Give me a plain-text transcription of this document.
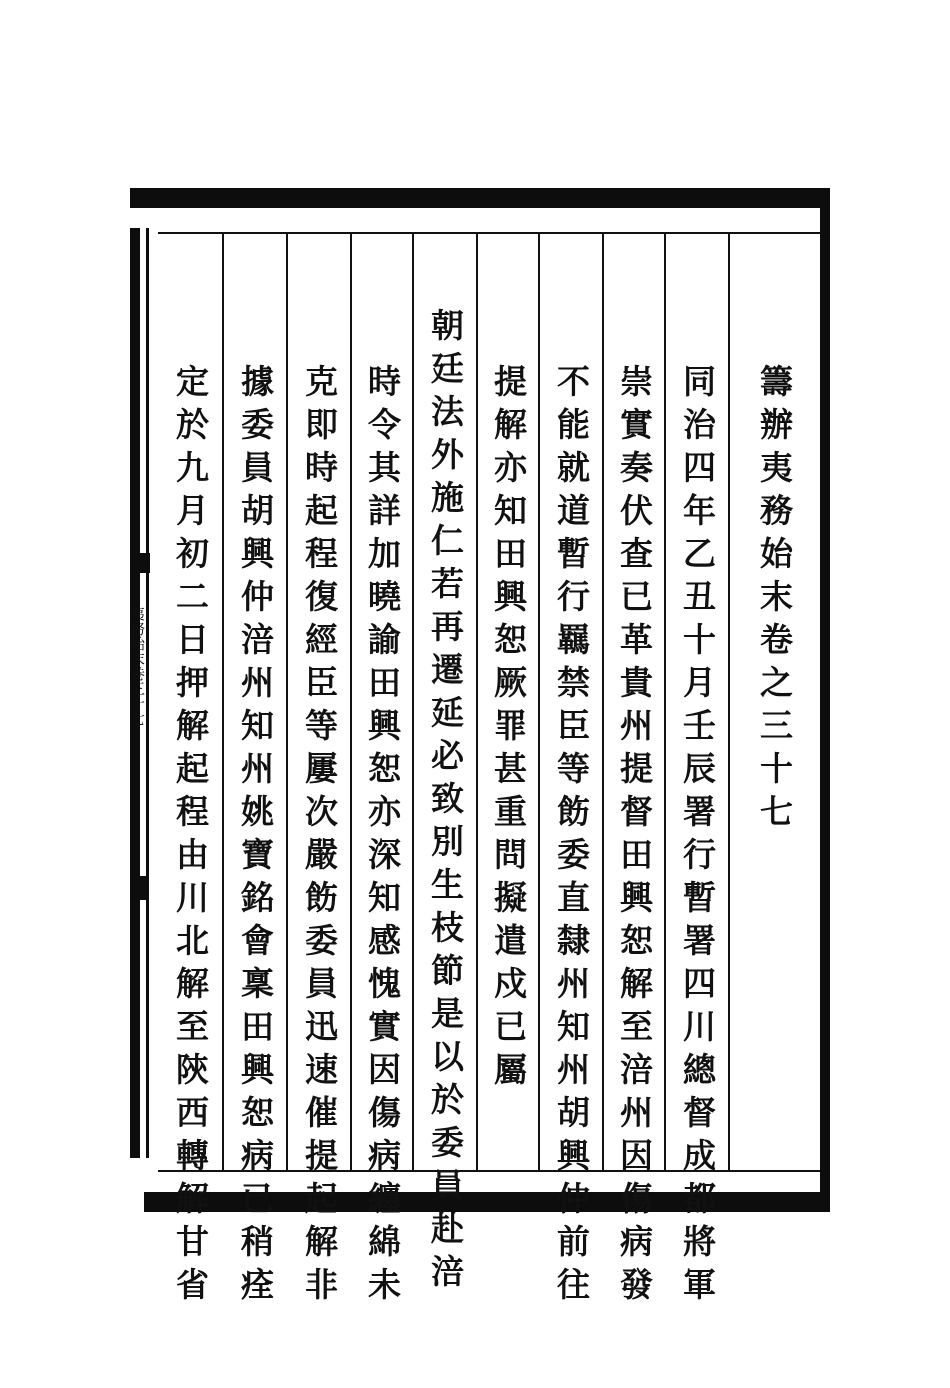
夷務始末卷三十七 定於九月初二日押解起程由川北解至陝西轉解甘省 據委員胡興仲涪州知州姚寶銘會稟田興恕病已稍痊 克即時起程復經臣等屢次嚴飭委員迅速催提起解非 時令其詳加曉諭田興恕亦深知感愧實因傷病纏綿未 朝廷法外施仁若再遷延必致別生枝節是以於委員赴涪 提解亦知田興恕厥罪甚重問擬遣戍已屬 不能就道暫行羈禁臣等飭委直隸州知州胡興仲前往 崇實奏伏查已革貴州提督田興恕解至涪州因傷病發 同治四年乙丑十月壬辰署行暫署四川總督成都將軍 籌辦夷務始末卷之三十七
